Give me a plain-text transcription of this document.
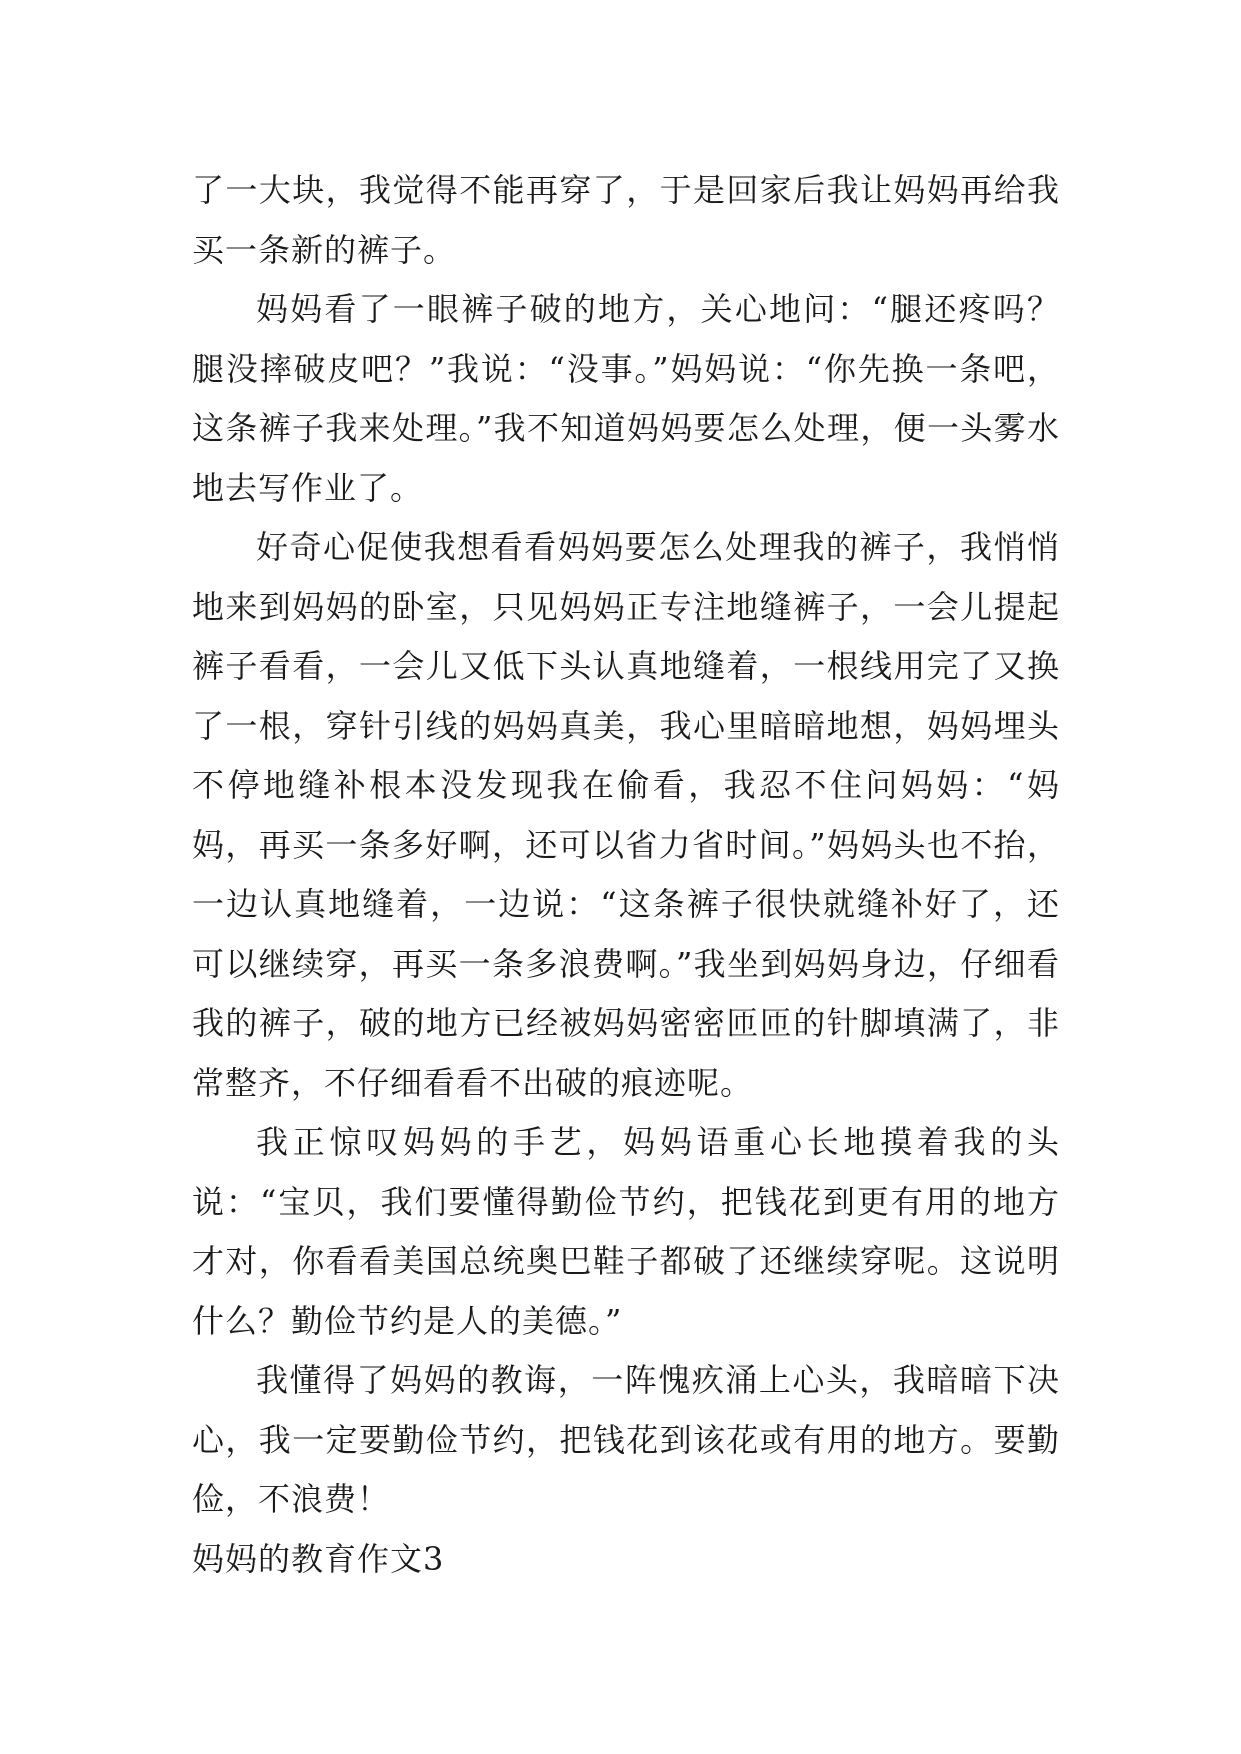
了一大块，我觉得不能再穿了，于是回家后我让妈妈再给我买一条新的裤子。

妈妈看了一眼裤子破的地方，关心地问：“腿还疼吗？腿没摔破皮吧？”我说：“没事。”妈妈说：“你先换一条吧，这条裤子我来处理。”我不知道妈妈要怎么处理，便一头雾水地去写作业了。

好奇心促使我想看看妈妈要怎么处理我的裤子，我悄悄地来到妈妈的卧室，只见妈妈正专注地缝裤子，一会儿提起裤子看看，一会儿又低下头认真地缝着，一根线用完了又换了一根，穿针引线的妈妈真美，我心里暗暗地想，妈妈埋头不停地缝补根本没发现我在偷看，我忍不住问妈妈：“妈妈，再买一条多好啊，还可以省力省时间。”妈妈头也不抬，一边认真地缝着，一边说：“这条裤子很快就缝补好了，还可以继续穿，再买一条多浪费啊。”我坐到妈妈身边，仔细看我的裤子，破的地方已经被妈妈密密匝匝的针脚填满了，非常整齐，不仔细看看不出破的痕迹呢。

我正惊叹妈妈的手艺，妈妈语重心长地摸着我的头说：“宝贝，我们要懂得勤俭节约，把钱花到更有用的地方才对，你看看美国总统奥巴鞋子都破了还继续穿呢。这说明什么？勤俭节约是人的美德。”

我懂得了妈妈的教诲，一阵愧疚涌上心头，我暗暗下决心，我一定要勤俭节约，把钱花到该花或有用的地方。要勤俭，不浪费！

妈妈的教育作文3
